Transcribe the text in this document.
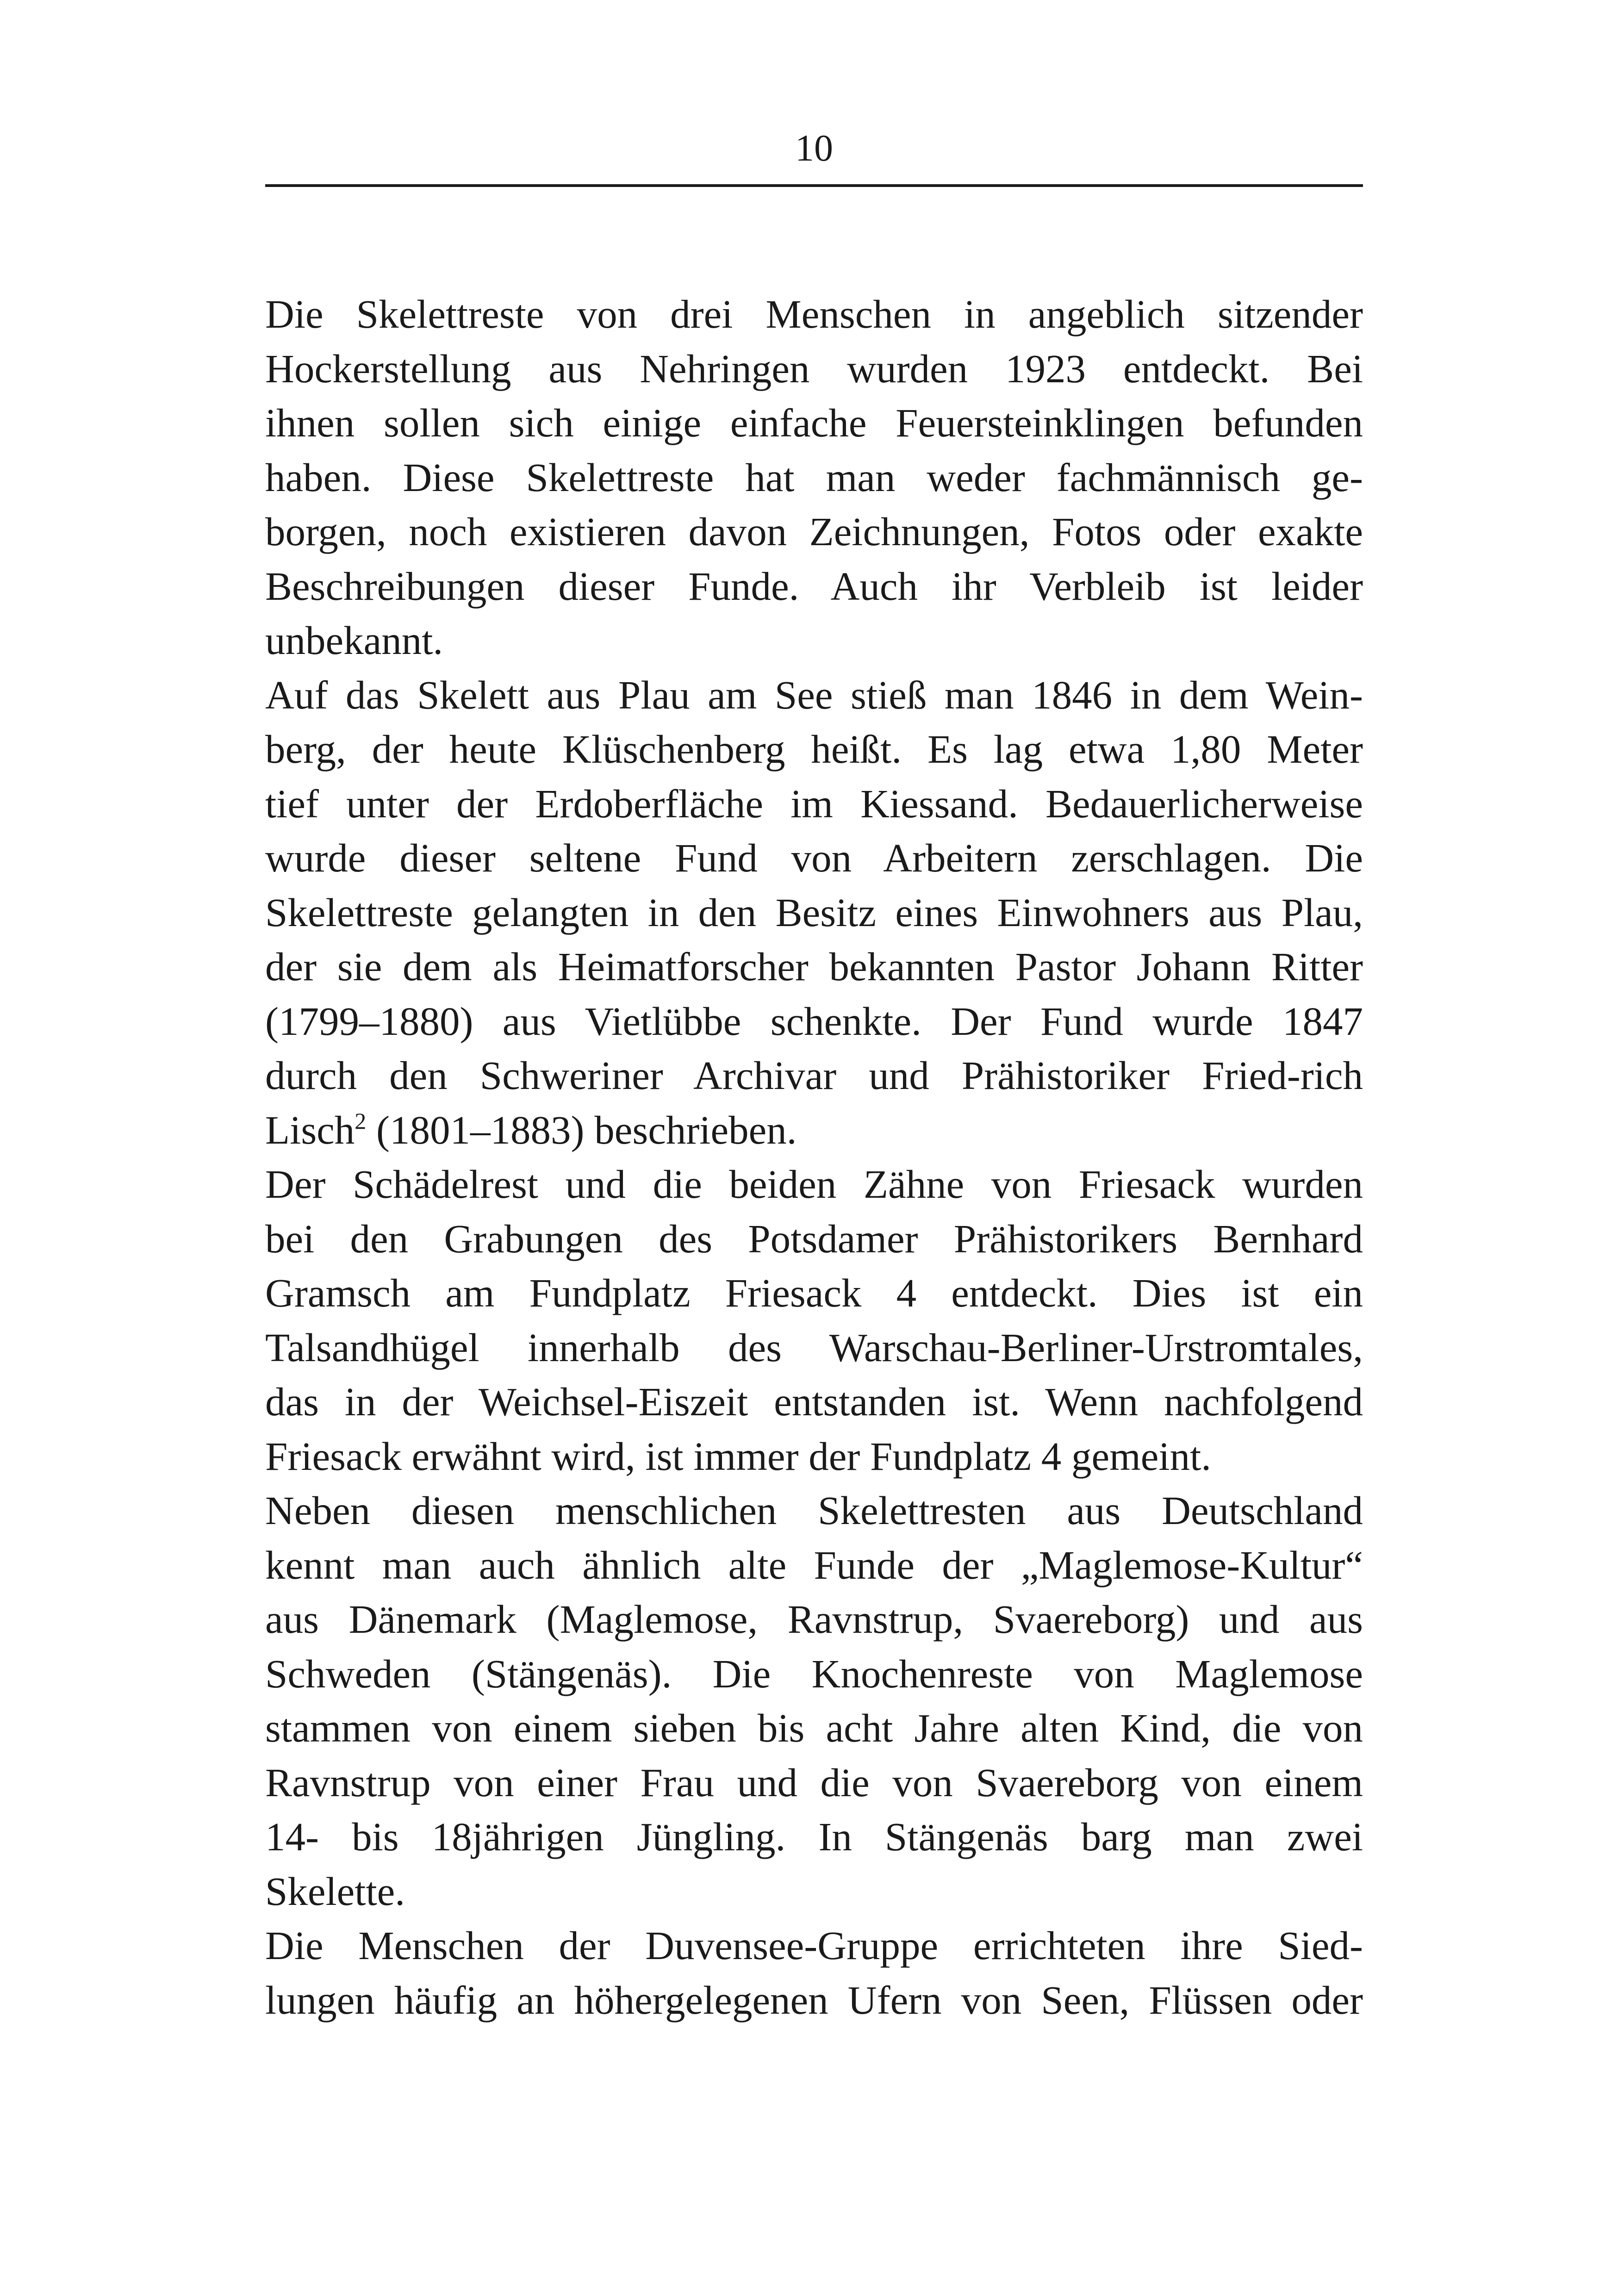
10

Die Skelettreste von drei Menschen in angeblich sitzender
Hockerstellung aus Nehringen wurden 1923 entdeckt. Bei
ihnen sollen sich einige einfache Feuersteinklingen befunden
haben. Diese Skelettreste hat man weder fachmännisch ge-
borgen, noch existieren davon Zeichnungen, Fotos oder exakte
Beschreibungen dieser Funde. Auch ihr Verbleib ist leider
unbekannt.

Auf das Skelett aus Plau am See stieß man 1846 in dem Wein-
berg, der heute Klüschenberg heißt. Es lag etwa 1,80 Meter
tief unter der Erdoberfläche im Kiessand. Bedauerlicherweise
wurde dieser seltene Fund von Arbeitern zerschlagen. Die
Skelettreste gelangten in den Besitz eines Einwohners aus Plau,
der sie dem als Heimatforscher bekannten Pastor Johann Ritter
(1799–1880) aus Vietlübbe schenkte. Der Fund wurde 1847
durch den Schweriner Archivar und Prähistoriker Fried-rich
Lisch$^2$ (1801–1883) beschrieben.

Der Schädelrest und die beiden Zähne von Friesack wurden
bei den Grabungen des Potsdamer Prähistorikers Bernhard
Gramsch am Fundplatz Friesack 4 entdeckt. Dies ist ein
Talsandhügel innerhalb des Warschau-Berliner-Urstromtales,
das in der Weichsel-Eiszeit entstanden ist. Wenn nachfolgend
Friesack erwähnt wird, ist immer der Fundplatz 4 gemeint.

Neben diesen menschlichen Skelettresten aus Deutschland
kennt man auch ähnlich alte Funde der „Maglemose-Kultur“
aus Dänemark (Maglemose, Ravnstrup, Svaereborg) und aus
Schweden (Stängenäs). Die Knochenreste von Maglemose
stammen von einem sieben bis acht Jahre alten Kind, die von
Ravnstrup von einer Frau und die von Svaereborg von einem
14- bis 18jährigen Jüngling. In Stängenäs barg man zwei
Skelette.

Die Menschen der Duvensee-Gruppe errichteten ihre Sied-
lungen häufig an höhergelegenen Ufern von Seen, Flüssen oder
